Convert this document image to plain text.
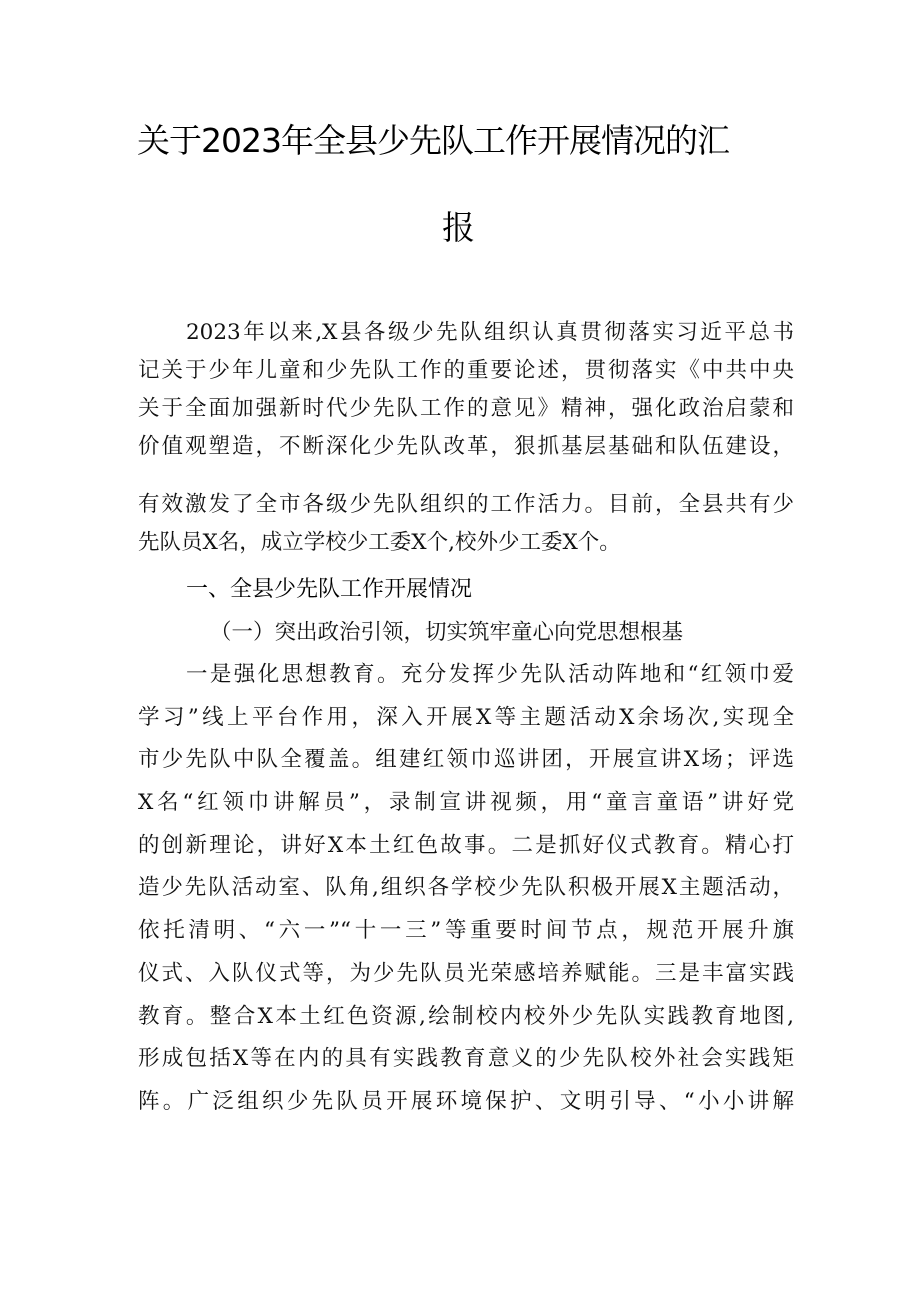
关于2023年全县少先队工作开展情况的汇
报
2023年以来,X县各级少先队组织认真贯彻落实习近平总书
记关于少年儿童和少先队工作的重要论述，贯彻落实《中共中央
关于全面加强新时代少先队工作的意见》精神，强化政治启蒙和
价值观塑造，不断深化少先队改革，狠抓基层基础和队伍建设，
有效激发了全市各级少先队组织的工作活力。目前，全县共有少
先队员X名，成立学校少工委X个,校外少工委X个。
一、全县少先队工作开展情况
（一）突出政治引领，切实筑牢童心向党思想根基
一是强化思想教育。充分发挥少先队活动阵地和“红领巾爱
学习”线上平台作用，深入开展X等主题活动X余场次,实现全
市少先队中队全覆盖。组建红领巾巡讲团，开展宣讲X场；评选
X名“红领巾讲解员”，录制宣讲视频，用“童言童语”讲好党
的创新理论，讲好X本土红色故事。二是抓好仪式教育。精心打
造少先队活动室、队角,组织各学校少先队积极开展X主题活动，
依托清明、“六一”“十一三”等重要时间节点，规范开展升旗
仪式、入队仪式等，为少先队员光荣感培养赋能。三是丰富实践
教育。整合X本土红色资源,绘制校内校外少先队实践教育地图,
形成包括X等在内的具有实践教育意义的少先队校外社会实践矩
阵。广泛组织少先队员开展环境保护、文明引导、“小小讲解
